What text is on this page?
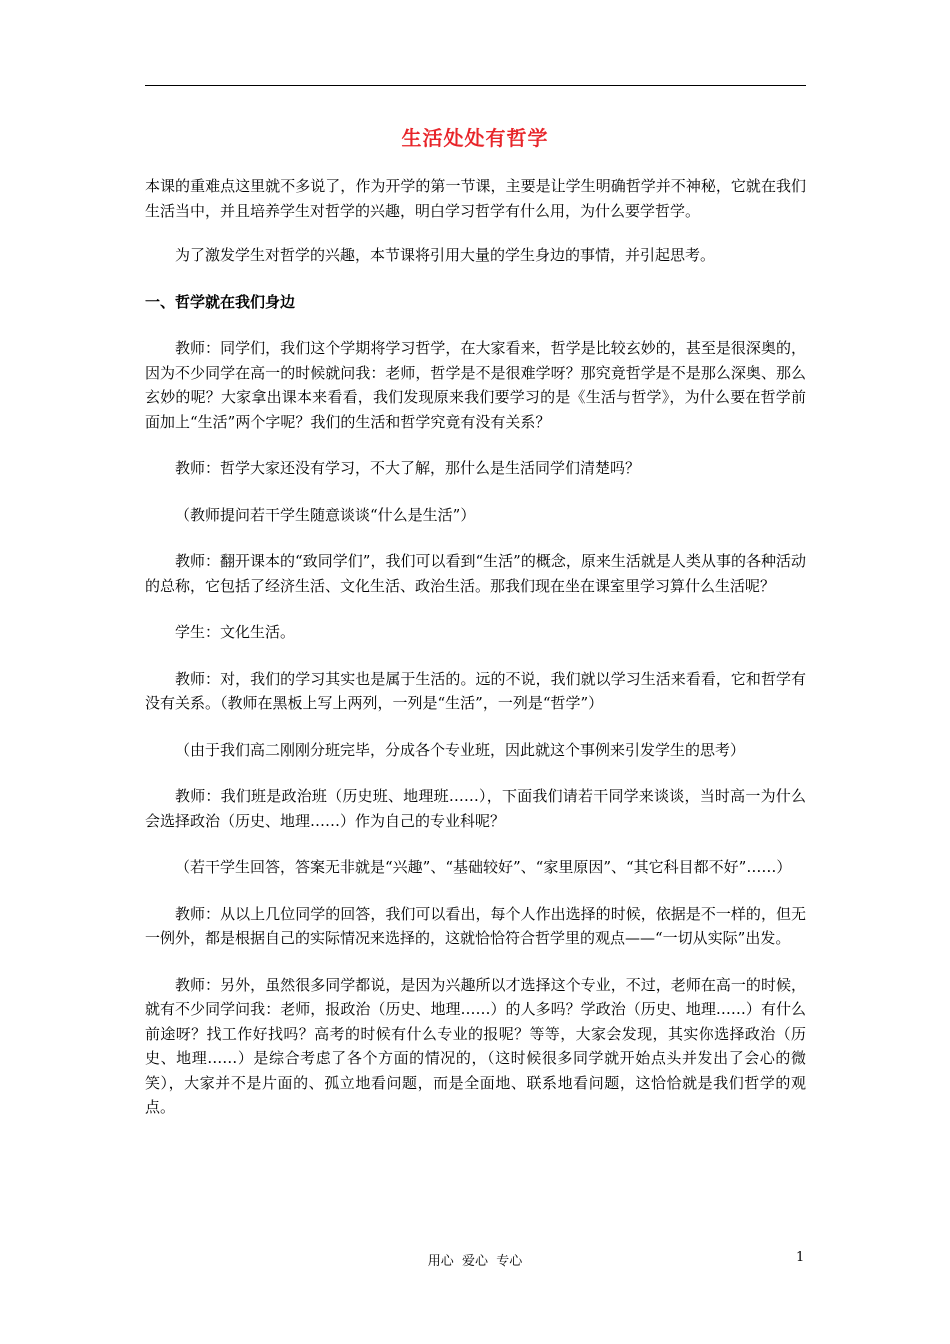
生活处处有哲学

本课的重难点这里就不多说了，作为开学的第一节课，主要是让学生明确哲学并不神秘，它就在我们生活当中，并且培养学生对哲学的兴趣，明白学习哲学有什么用，为什么要学哲学。

为了激发学生对哲学的兴趣，本节课将引用大量的学生身边的事情，并引起思考。

一、哲学就在我们身边

教师：同学们，我们这个学期将学习哲学，在大家看来，哲学是比较玄妙的，甚至是很深奥的，因为不少同学在高一的时候就问我：老师，哲学是不是很难学呀？那究竟哲学是不是那么深奥、那么玄妙的呢？大家拿出课本来看看，我们发现原来我们要学习的是《生活与哲学》，为什么要在哲学前面加上“生活”两个字呢？我们的生活和哲学究竟有没有关系？

教师：哲学大家还没有学习，不大了解，那什么是生活同学们清楚吗？

（教师提问若干学生随意谈谈“什么是生活”）

教师：翻开课本的“致同学们”，我们可以看到“生活”的概念，原来生活就是人类从事的各种活动的总称，它包括了经济生活、文化生活、政治生活。那我们现在坐在课室里学习算什么生活呢？

学生：文化生活。

教师：对，我们的学习其实也是属于生活的。远的不说，我们就以学习生活来看看，它和哲学有没有关系。（教师在黑板上写上两列，一列是“生活”，一列是“哲学”）

（由于我们高二刚刚分班完毕，分成各个专业班，因此就这个事例来引发学生的思考）

教师：我们班是政治班（历史班、地理班……），下面我们请若干同学来谈谈，当时高一为什么会选择政治（历史、地理……）作为自己的专业科呢？

（若干学生回答，答案无非就是“兴趣”、“基础较好”、“家里原因”、“其它科目都不好”……）

教师：从以上几位同学的回答，我们可以看出，每个人作出选择的时候，依据是不一样的，但无一例外，都是根据自己的实际情况来选择的，这就恰恰符合哲学里的观点——“一切从实际”出发。

教师：另外，虽然很多同学都说，是因为兴趣所以才选择这个专业，不过，老师在高一的时候，就有不少同学问我：老师，报政治（历史、地理……）的人多吗？学政治（历史、地理……）有什么前途呀？找工作好找吗？高考的时候有什么专业的报呢？等等，大家会发现，其实你选择政治（历史、地理……）是综合考虑了各个方面的情况的，（这时候很多同学就开始点头并发出了会心的微笑），大家并不是片面的、孤立地看问题，而是全面地、联系地看问题，这恰恰就是我们哲学的观点。

用心  爱心  专心	1
